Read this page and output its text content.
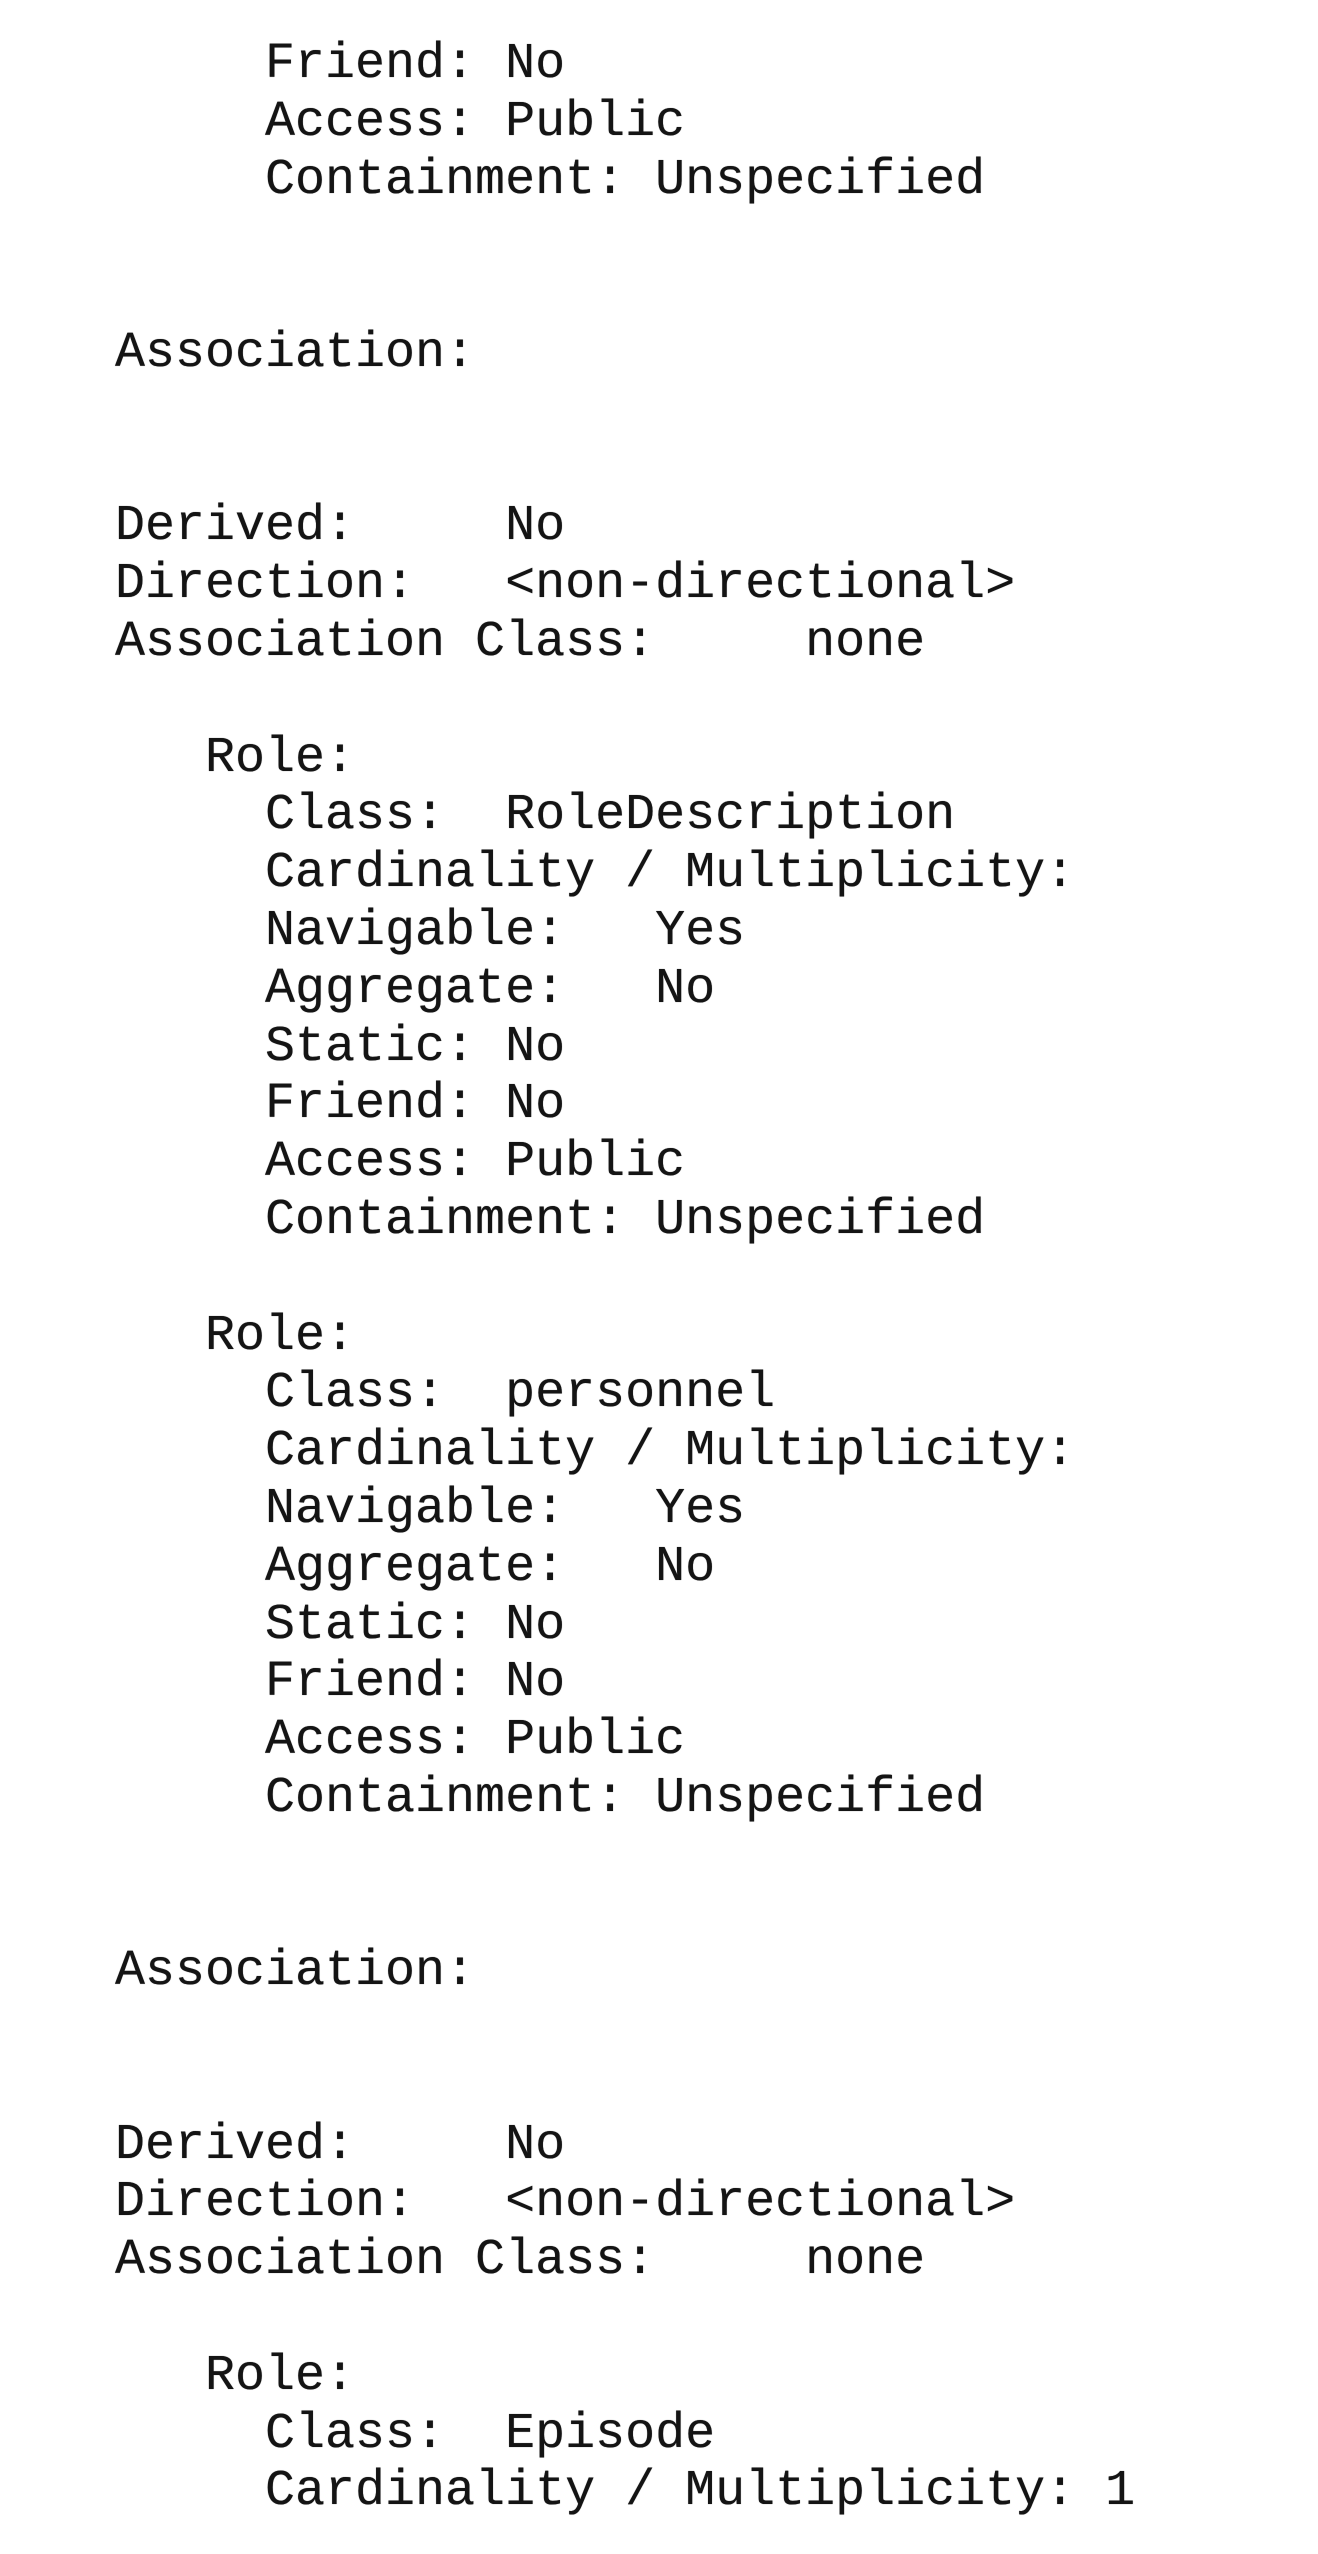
Friend: No
Access: Public
Containment: Unspecified
Association:
Derived:     No
Direction:   <non-directional>
Association Class:     none
Role:
Class:  RoleDescription
Cardinality / Multiplicity:
Navigable:   Yes
Aggregate:   No
Static: No
Friend: No
Access: Public
Containment: Unspecified
Role:
Class:  personnel
Cardinality / Multiplicity:
Navigable:   Yes
Aggregate:   No
Static: No
Friend: No
Access: Public
Containment: Unspecified
Association:
Derived:     No
Direction:   <non-directional>
Association Class:     none
Role:
Class:  Episode
Cardinality / Multiplicity: 1
